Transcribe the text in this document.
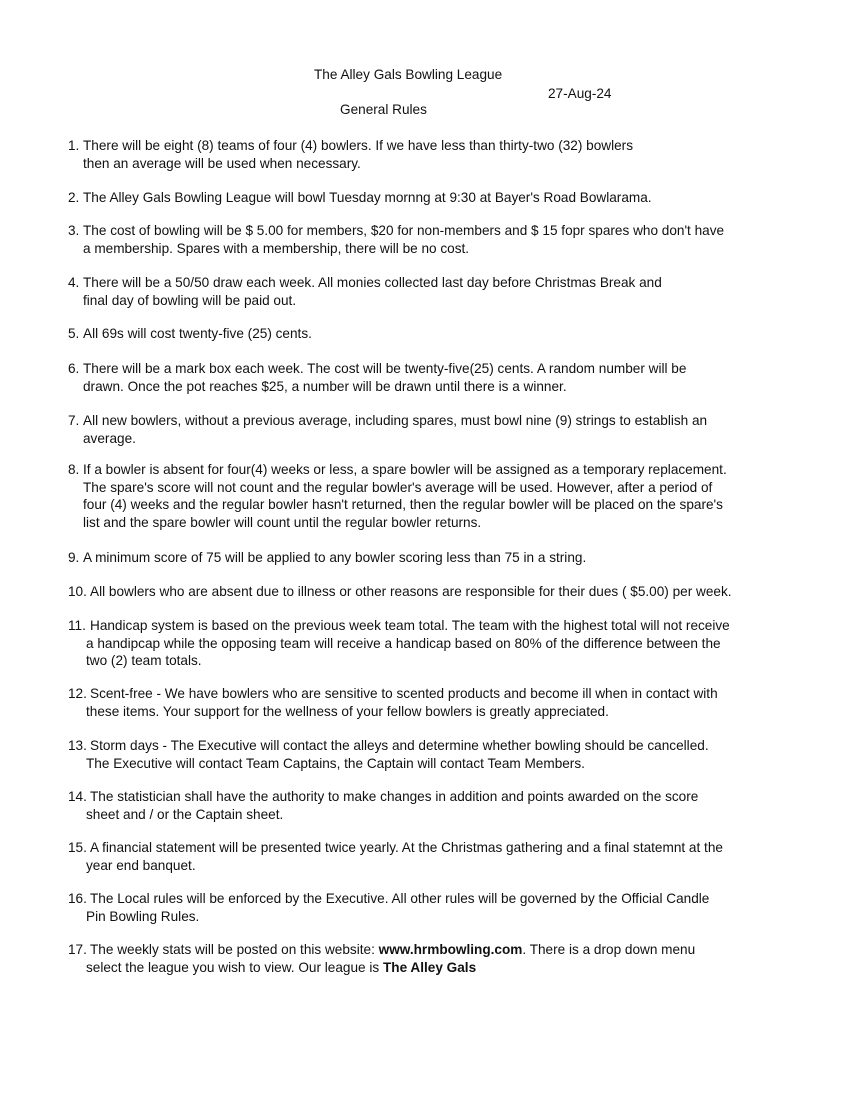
The Alley Gals Bowling League
27-Aug-24
General Rules
1. There will be eight (8) teams of four (4) bowlers. If we have less than thirty-two (32) bowlers
then an average will be used when necessary.
2. The Alley Gals Bowling League will bowl Tuesday mornng at 9:30 at Bayer's Road Bowlarama.
3. The cost of bowling will be $ 5.00 for members, $20 for non-members and $ 15 fopr spares who don't have
a membership. Spares with a membership, there will be no cost.
4. There will be a 50/50 draw each week. All monies collected last day before Christmas Break and
final day of bowling will be paid out.
5. All 69s will cost twenty-five (25) cents.
6. There will be a mark box each week. The cost will be twenty-five(25) cents. A random number will be
drawn. Once the pot reaches $25, a number will be drawn until there is a winner.
7. All new bowlers, without a previous average, including spares, must bowl nine (9) strings to establish an
average.
8. If a bowler is absent for four(4) weeks or less, a spare bowler will be assigned as a temporary replacement.
The spare's score will not count and the regular bowler's average will be used. However, after a period of
four (4) weeks and the regular bowler hasn't returned, then the regular bowler will be placed on the spare's
list and the spare bowler will count until the regular bowler returns.
9. A minimum score of 75 will be applied to any bowler scoring less than 75 in a string.
10. All bowlers who are absent due to illness or other reasons are responsible for their dues ( $5.00) per week.
11. Handicap system is based on the previous week team total. The team with the highest total will not receive
a handipcap while the opposing team will receive a handicap based on 80% of the difference between the
two (2) team totals.
12. Scent-free - We have bowlers who are sensitive to scented products and become ill when in contact with
these items. Your support for the wellness of your fellow bowlers is greatly appreciated.
13. Storm days - The Executive will contact the alleys and determine whether bowling should be cancelled.
The Executive will contact Team Captains, the Captain will contact Team Members.
14. The statistician shall have the authority to make changes in addition and points awarded on the score
sheet and / or the Captain sheet.
15. A financial statement will be presented twice yearly. At the Christmas gathering and a final statemnt at the
year end banquet.
16. The Local rules will be enforced by the Executive. All other rules will be governed by the Official Candle
Pin Bowling Rules.
17. The weekly stats will be posted on this website: www.hrmbowling.com. There is a drop down menu
select the league you wish to view. Our league is The Alley Gals
